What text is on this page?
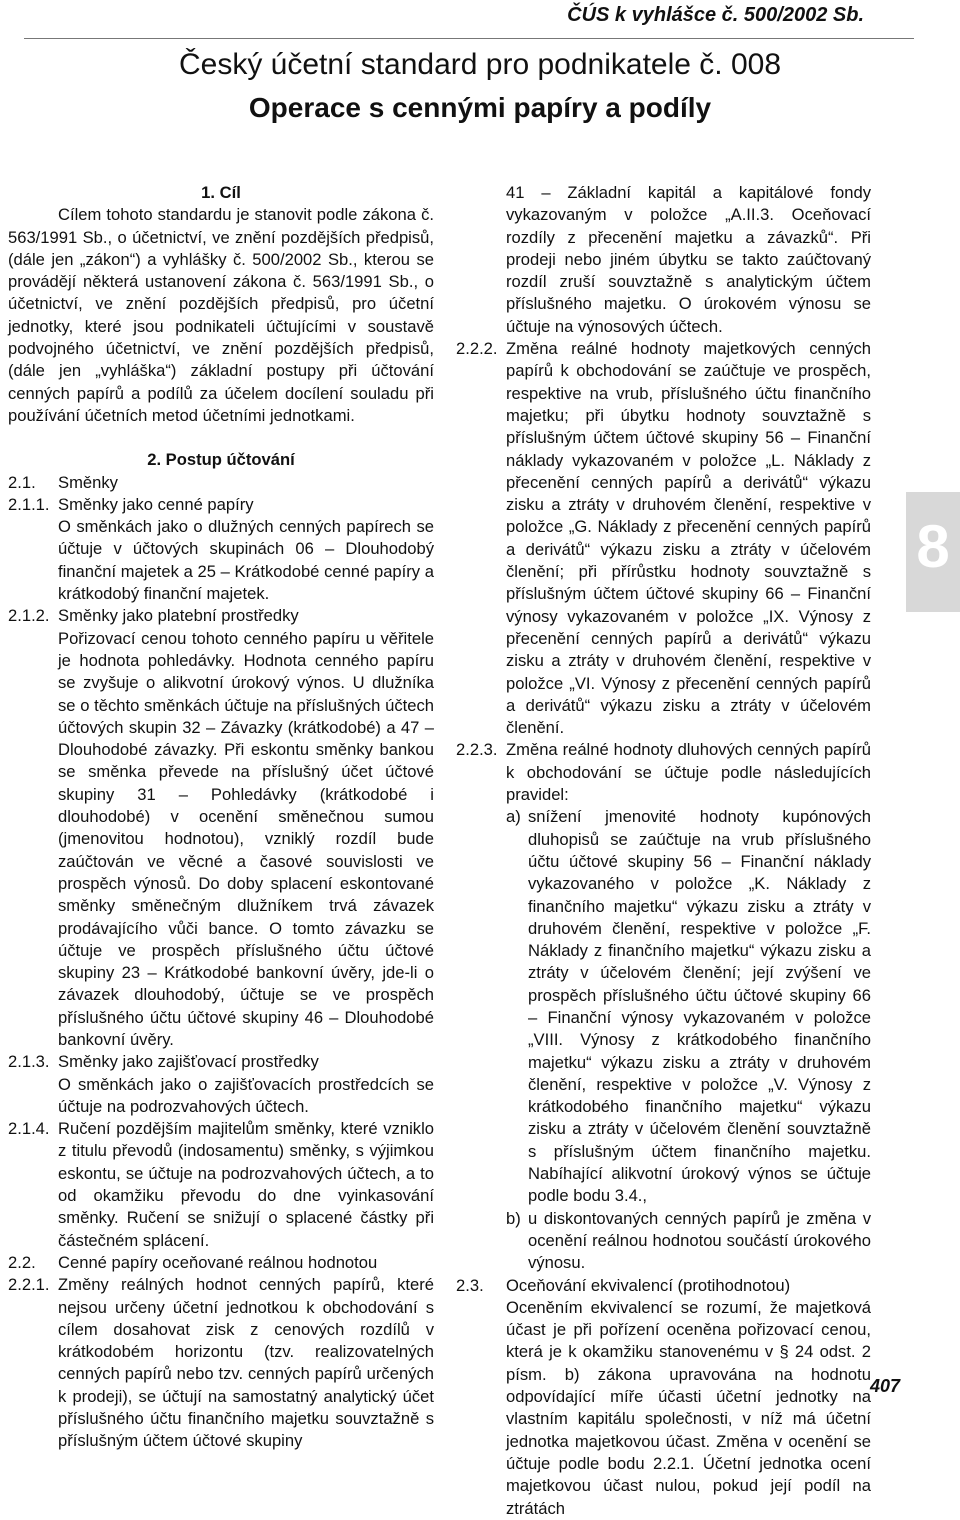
ČÚS k vyhlášce č. 500/2002 Sb.
Český účetní standard pro podnikatele č. 008
Operace s cennými papíry a podíly

1. Cíl

Cílem tohoto standardu je stanovit podle zákona č. 563/1991 Sb., o účetnictví, ve znění pozdějších předpisů, (dále jen „zákon“) a vyhlášky č. 500/2002 Sb., kterou se provádějí některá ustanovení zákona č. 563/1991 Sb., o účetnictví, ve znění pozdějších předpisů, pro účetní jednotky, které jsou podnikateli účtujícími v soustavě podvojného účetnictví, ve znění pozdějších předpisů, (dále jen „vyhláška“) základní postupy při účtování cenných papírů a podílů za účelem docílení souladu při používání účetních metod účetními jednotkami.

2. Postup účtování

2.1.	Směnky
2.1.1. Směnky jako cenné papíry
O směnkách jako o dlužných cenných papírech se účtuje v účtových skupinách 06 – Dlouhodobý finanční majetek a 25 – Krátkodobé cenné papíry a krátkodobý finanční majetek.
2.1.2. Směnky jako platební prostředky
Pořizovací cenou tohoto cenného papíru u věřitele je hodnota pohledávky. Hodnota cenného papíru se zvyšuje o alikvotní úrokový výnos. U dlužníka se o těchto směnkách účtuje na příslušných účtech účtových skupin 32 – Závazky (krátkodobé) a 47 – Dlouhodobé závazky. Při eskontu směnky bankou se směnka převede na příslušný účet účtové skupiny 31 – Pohledávky (krátkodobé i dlouhodobé) v ocenění směnečnou sumou (jmenovitou hodnotou), vzniklý rozdíl bude zaúčtován ve věcné a časové souvislosti ve prospěch výnosů. Do doby splacení eskontované směnky směnečným dlužníkem trvá závazek prodávajícího vůči bance. O tomto závazku se účtuje ve prospěch příslušného účtu účtové skupiny 23 – Krátkodobé bankovní úvěry, jde-li o závazek dlouhodobý, účtuje se ve prospěch příslušného účtu účtové skupiny 46 – Dlouhodobé bankovní úvěry.
2.1.3. Směnky jako zajišťovací prostředky
O směnkách jako o zajišťovacích prostředcích se účtuje na podrozvahových účtech.
2.1.4. Ručení pozdějším majitelům směnky, které vzniklo z titulu převodů (indosamentu) směnky, s výjimkou eskontu, se účtuje na podrozvahových účtech, a to od okamžiku převodu do dne vyinkasování směnky. Ručení se snižují o splacené částky při částečném splácení.
2.2.	Cenné papíry oceňované reálnou hodnotou
2.2.1. Změny reálných hodnot cenných papírů, které nejsou určeny účetní jednotkou k obchodování s cílem dosahovat zisk z cenových rozdílů v krátkodobém horizontu (tzv. realizovatelných cenných papírů nebo tzv. cenných papírů určených k prodeji), se účtují na samostatný analytický účet příslušného účtu finančního majetku souvztažně s příslušným účtem účtové skupiny
41 – Základní kapitál a kapitálové fondy vykazovaným v položce „A.II.3. Oceňovací rozdíly z přecenění majetku a závazků“. Při prodeji nebo jiném úbytku se takto zaúčtovaný rozdíl zruší souvztažně s analytickým účtem příslušného majetku. O úrokovém výnosu se účtuje na výnosových účtech.
2.2.2. Změna reálné hodnoty majetkových cenných papírů k obchodování se zaúčtuje ve prospěch, respektive na vrub, příslušného účtu finančního majetku; při úbytku hodnoty souvztažně s příslušným účtem účtové skupiny 56 – Finanční náklady vykazovaném v položce „L. Náklady z přecenění cenných papírů a derivátů“ výkazu zisku a ztráty v druhovém členění, respektive v položce „G. Náklady z přecenění cenných papírů a derivátů“ výkazu zisku a ztráty v účelovém členění; při přírůstku hodnoty souvztažně s příslušným účtem účtové skupiny 66 – Finanční výnosy vykazovaném v položce „IX. Výnosy z přecenění cenných papírů a derivátů“ výkazu zisku a ztráty v druhovém členění, respektive v položce „VI. Výnosy z přecenění cenných papírů a derivátů“ výkazu zisku a ztráty v účelovém členění.
2.2.3. Změna reálné hodnoty dluhových cenných papírů k obchodování se účtuje podle následujících pravidel:
a) snížení jmenovité hodnoty kupónových dluhopisů se zaúčtuje na vrub příslušného účtu účtové skupiny 56 – Finanční náklady vykazovaného v položce „K. Náklady z finančního majetku“ výkazu zisku a ztráty v druhovém členění, respektive v položce „F. Náklady z finančního majetku“ výkazu zisku a ztráty v účelovém členění; její zvýšení ve prospěch příslušného účtu účtové skupiny 66 – Finanční výnosy vykazovaném v položce „VIII. Výnosy z krátkodobého finančního majetku“ výkazu zisku a ztráty v druhovém členění, respektive v položce „V. Výnosy z krátkodobého finančního majetku“ výkazu zisku a ztráty v účelovém členění souvztažně s příslušným účtem finančního majetku. Nabíhající alikvotní úrokový výnos se účtuje podle bodu 3.4.,
b) u diskontovaných cenných papírů je změna v ocenění reálnou hodnotou součástí úrokového výnosu.
2.3.	Oceňování ekvivalencí (protihodnotou)
Oceněním ekvivalencí se rozumí, že majetková účast je při pořízení oceněna pořizovací cenou, která je k okamžiku stanovenému v § 24 odst. 2 písm. b) zákona upravována na hodnotu odpovídající míře účasti účetní jednotky na vlastním kapitálu společnosti, v níž má účetní jednotka majetkovou účast. Změna v ocenění se účtuje podle bodu 2.2.1. Účetní jednotka ocení majetkovou účast nulou, pokud její podíl na ztrátách
8
407
